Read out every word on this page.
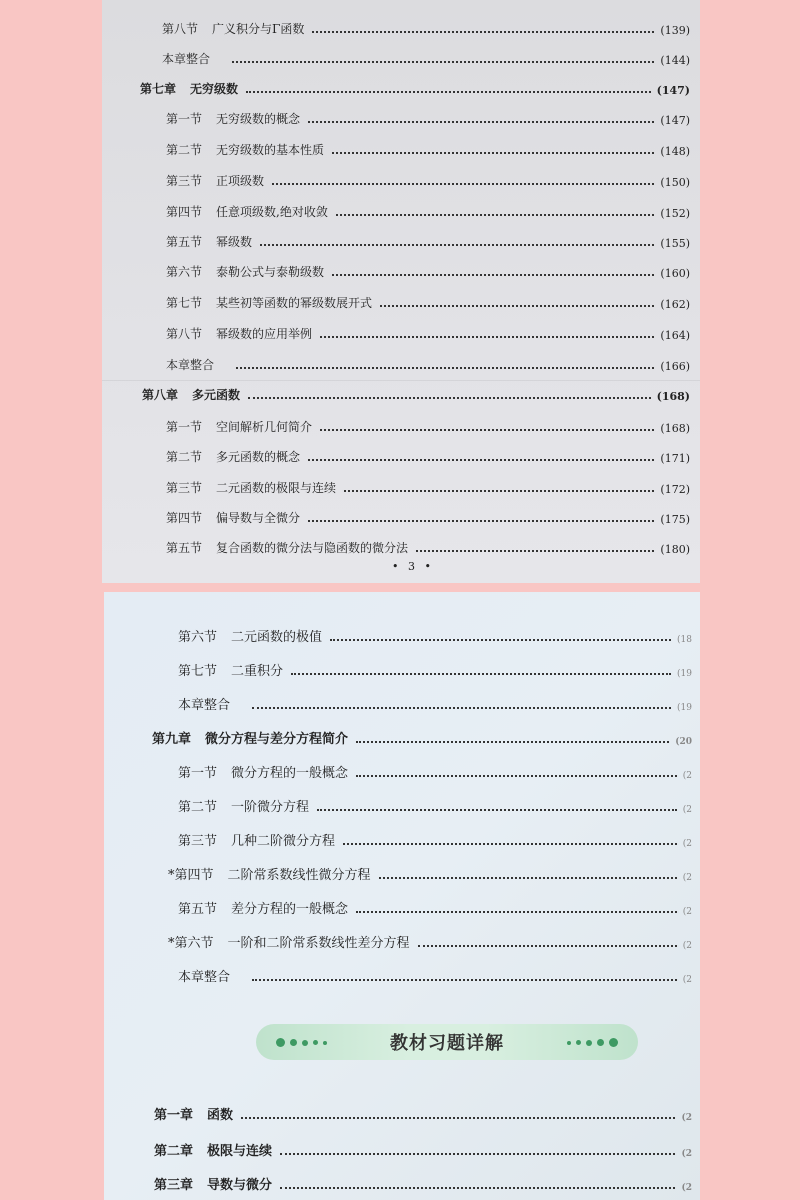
第八节 广义积分与Γ函数	(139)
本章整合	(144)
第七章 无穷级数	(147)
第一节 无穷级数的概念	(147)
第二节 无穷级数的基本性质	(148)
第三节 正项级数	(150)
第四节 任意项级数,绝对收敛	(152)
第五节 幂级数	(155)
第六节 泰勒公式与泰勒级数	(160)
第七节 某些初等函数的幂级数展开式	(162)
第八节 幂级数的应用举例	(164)
本章整合	(166)
第八章 多元函数	(168)
第一节 空间解析几何简介	(168)
第二节 多元函数的概念	(171)
第三节 二元函数的极限与连续	(172)
第四节 偏导数与全微分	(175)
第五节 复合函数的微分法与隐函数的微分法	(180)
• 3 •
第六节 二元函数的极值	(18
第七节 二重积分	(19
本章整合	(19
第九章 微分方程与差分方程简介	(20
第一节 微分方程的一般概念	(2
第二节 一阶微分方程	(2
第三节 几种二阶微分方程	(2
*第四节 二阶常系数线性微分方程	(2
第五节 差分方程的一般概念	(2
*第六节 一阶和二阶常系数线性差分方程	(2
本章整合	(2
教材习题详解
第一章 函数	(2
第二章 极限与连续	(2
第三章 导数与微分	(2
